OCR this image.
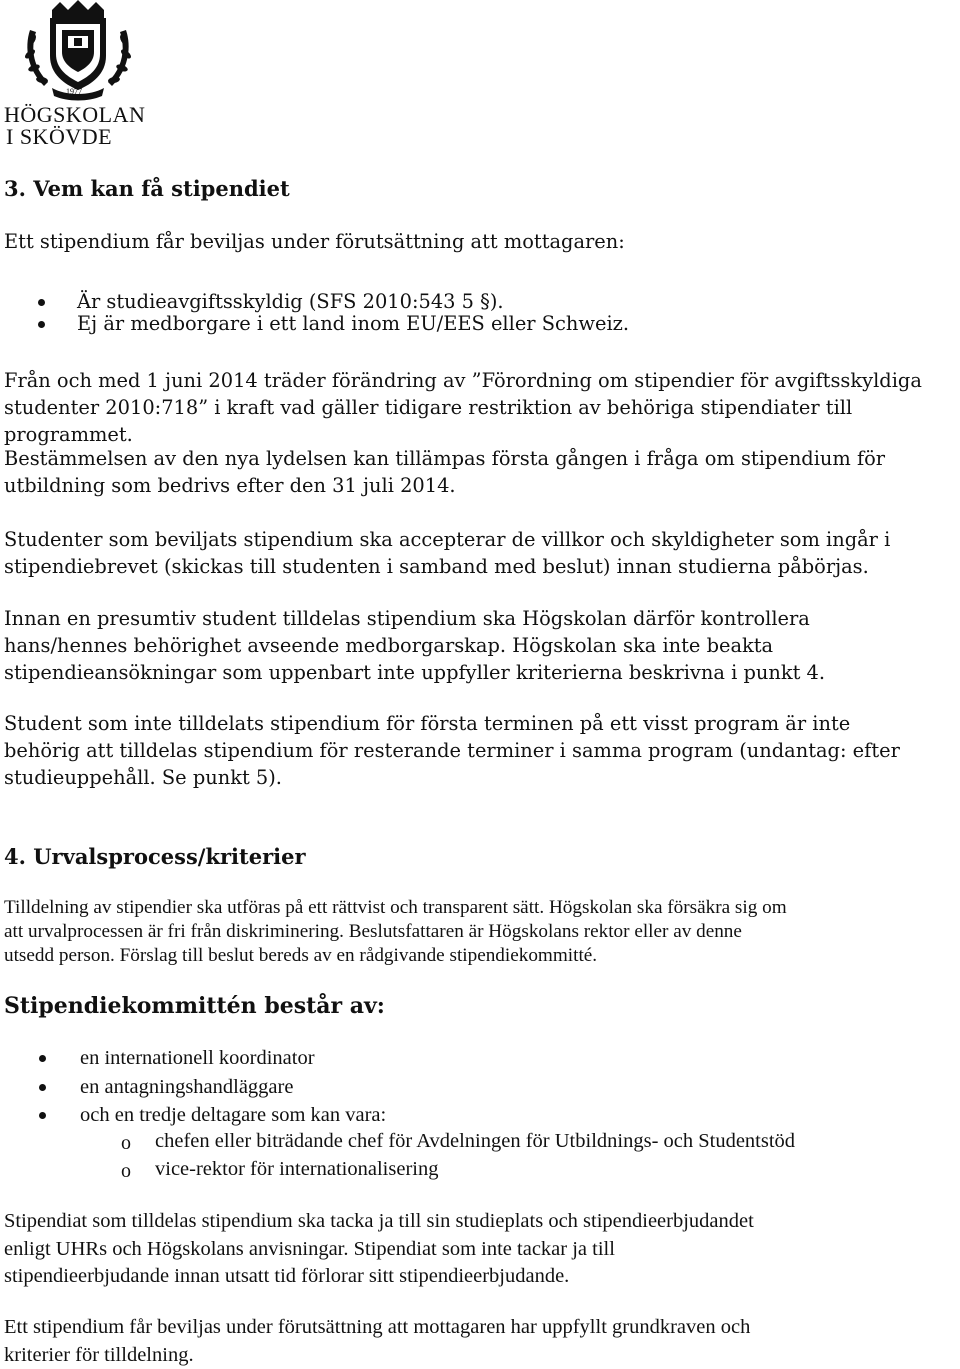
1977
HÖGSKOLAN
I SKÖVDE
3. Vem kan få stipendiet
Ett stipendium får beviljas under förutsättning att mottagaren:
Är studieavgiftsskyldig (SFS 2010:543 5 §).
Ej är medborgare i ett land inom EU/EES eller Schweiz.
Från och med 1 juni 2014 träder förändring av ”Förordning om stipendier för avgiftsskyldiga
studenter 2010:718” i kraft vad gäller tidigare restriktion av behöriga stipendiater till
programmet.
Bestämmelsen av den nya lydelsen kan tillämpas första gången i fråga om stipendium för
utbildning som bedrivs efter den 31 juli 2014.
Studenter som beviljats stipendium ska accepterar de villkor och skyldigheter som ingår i
stipendiebrevet (skickas till studenten i samband med beslut) innan studierna påbörjas.
Innan en presumtiv student tilldelas stipendium ska Högskolan därför kontrollera
hans/hennes behörighet avseende medborgarskap. Högskolan ska inte beakta
stipendieansökningar som uppenbart inte uppfyller kriterierna beskrivna i punkt 4.
Student som inte tilldelats stipendium för första terminen på ett visst program är inte
behörig att tilldelas stipendium för resterande terminer i samma program (undantag: efter
studieuppehåll. Se punkt 5).
4. Urvalsprocess/kriterier
Tilldelning av stipendier ska utföras på ett rättvist och transparent sätt. Högskolan ska försäkra sig om
att urvalprocessen är fri från diskriminering. Beslutsfattaren är Högskolans rektor eller av denne
utsedd person. Förslag till beslut bereds av en rådgivande stipendiekommitté.
Stipendiekommittén består av:
en internationell koordinator
en antagningshandläggare
och en tredje deltagare som kan vara:
o chefen eller biträdande chef för Avdelningen för Utbildnings- och Studentstöd
o vice-rektor för internationalisering
Stipendiat som tilldelas stipendium ska tacka ja till sin studieplats och stipendieerbjudandet
enligt UHRs och Högskolans anvisningar. Stipendiat som inte tackar ja till
stipendieerbjudande innan utsatt tid förlorar sitt stipendieerbjudande.
Ett stipendium får beviljas under förutsättning att mottagaren har uppfyllt grundkraven och
kriterier för tilldelning.
